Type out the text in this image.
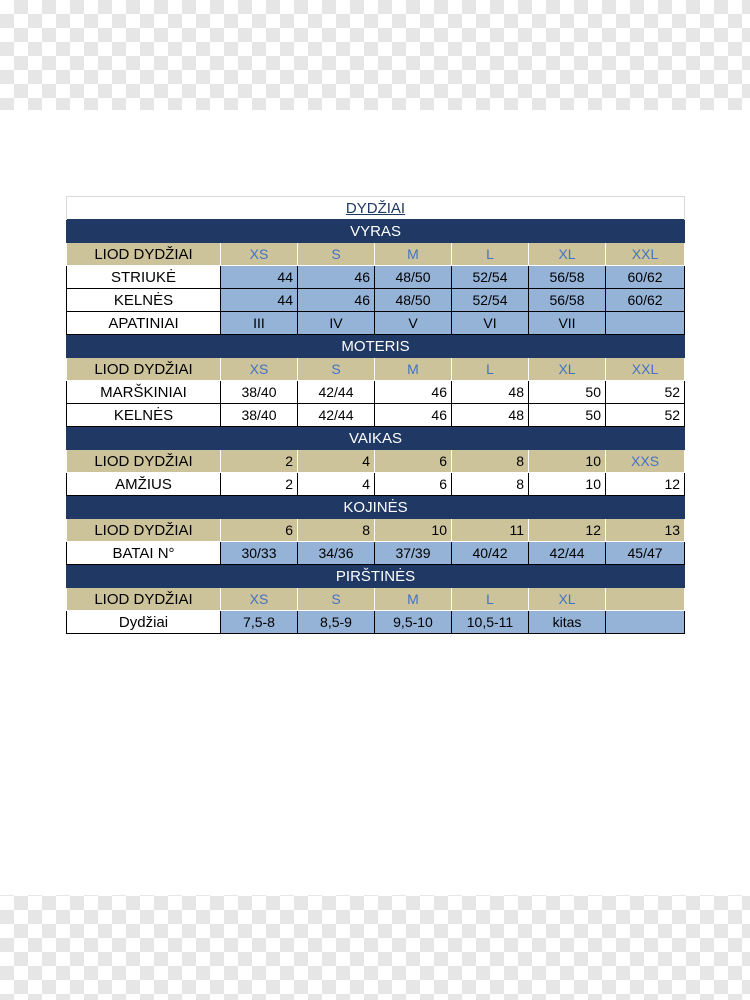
DYDŽIAI						
VYRAS						
LIOD DYDŽIAI	XS	S	M	L	XL	XXL
STRIUKĖ	44	46	48/50	52/54	56/58	60/62
KELNĖS	44	46	48/50	52/54	56/58	60/62
APATINIAI	III	IV	V	VI	VII	
MOTERIS						
LIOD DYDŽIAI	XS	S	M	L	XL	XXL
MARŠKINIAI	38/40	42/44	46	48	50	52
KELNĖS	38/40	42/44	46	48	50	52
VAIKAS						
LIOD DYDŽIAI	2	4	6	8	10	XXS
AMŽIUS	2	4	6	8	10	12
KOJINĖS						
LIOD DYDŽIAI	6	8	10	11	12	13
BATAI N°	30/33	34/36	37/39	40/42	42/44	45/47
PIRŠTINĖS						
LIOD DYDŽIAI	XS	S	M	L	XL	
Dydžiai	7,5-8	8,5-9	9,5-10	10,5-11	kitas	
